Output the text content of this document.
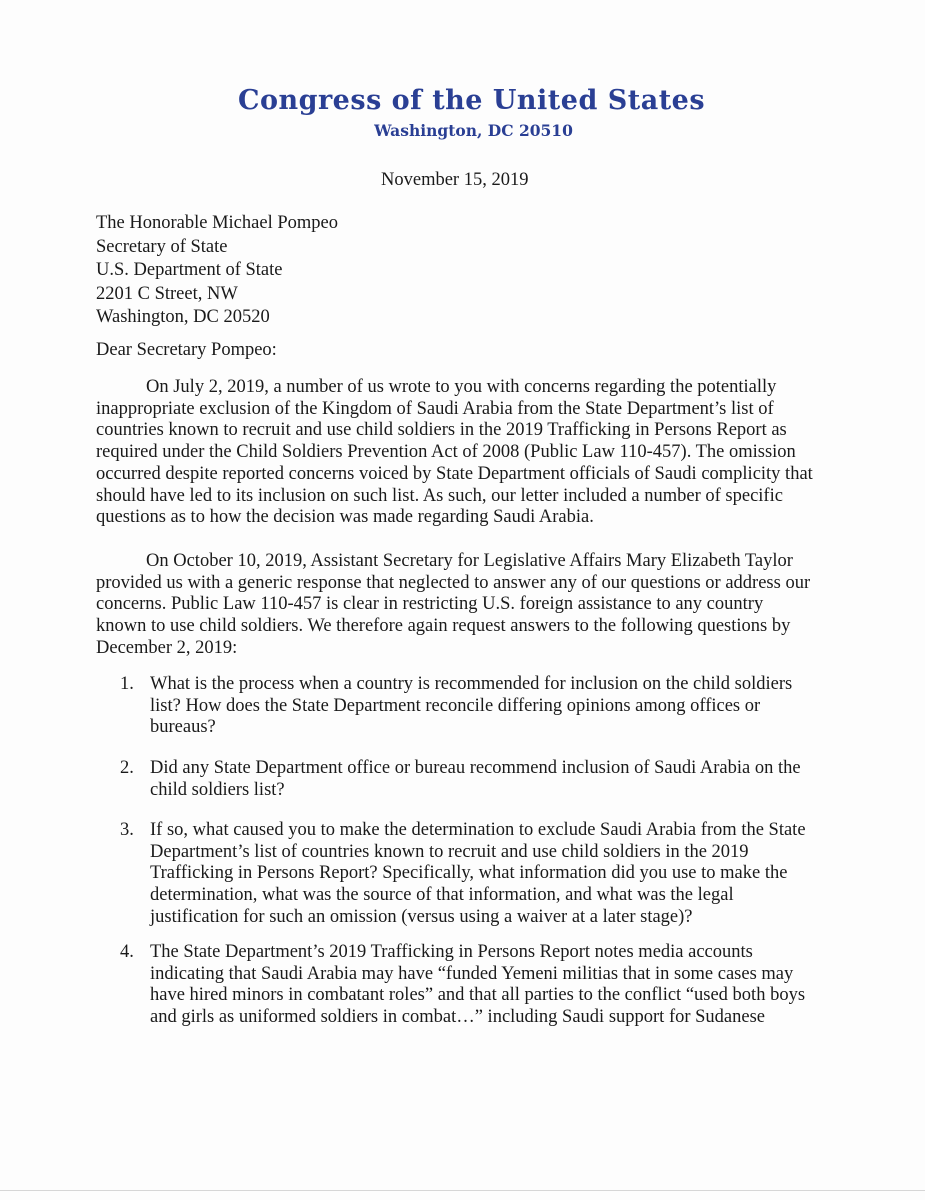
Congress of the United States
Washington, DC 20510
November 15, 2019
The Honorable Michael Pompeo
Secretary of State
U.S. Department of State
2201 C Street, NW
Washington, DC 20520
Dear Secretary Pompeo:
On July 2, 2019, a number of us wrote to you with concerns regarding the potentially
inappropriate exclusion of the Kingdom of Saudi Arabia from the State Department’s list of
countries known to recruit and use child soldiers in the 2019 Trafficking in Persons Report as
required under the Child Soldiers Prevention Act of 2008 (Public Law 110-457). The omission
occurred despite reported concerns voiced by State Department officials of Saudi complicity that
should have led to its inclusion on such list. As such, our letter included a number of specific
questions as to how the decision was made regarding Saudi Arabia.
On October 10, 2019, Assistant Secretary for Legislative Affairs Mary Elizabeth Taylor
provided us with a generic response that neglected to answer any of our questions or address our
concerns. Public Law 110-457 is clear in restricting U.S. foreign assistance to any country
known to use child soldiers. We therefore again request answers to the following questions by
December 2, 2019:
1. What is the process when a country is recommended for inclusion on the child soldiers
list? How does the State Department reconcile differing opinions among offices or
bureaus?
2. Did any State Department office or bureau recommend inclusion of Saudi Arabia on the
child soldiers list?
3. If so, what caused you to make the determination to exclude Saudi Arabia from the State
Department’s list of countries known to recruit and use child soldiers in the 2019
Trafficking in Persons Report? Specifically, what information did you use to make the
determination, what was the source of that information, and what was the legal
justification for such an omission (versus using a waiver at a later stage)?
4. The State Department’s 2019 Trafficking in Persons Report notes media accounts
indicating that Saudi Arabia may have “funded Yemeni militias that in some cases may
have hired minors in combatant roles” and that all parties to the conflict “used both boys
and girls as uniformed soldiers in combat…” including Saudi support for Sudanese
